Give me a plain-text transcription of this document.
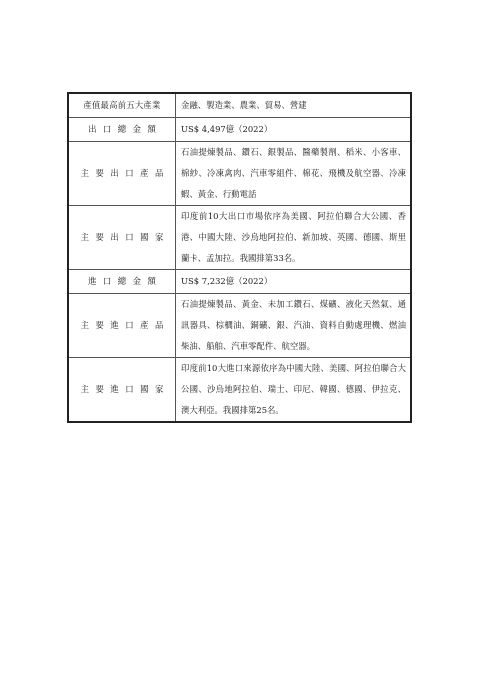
產值最高前五大產業	金融、製造業、農業、貿易、營建
出口總金額	US$ 4,497億（2022）
主要出口產品	石油提煉製品、鑽石、銀製品、醫藥製劑、稻米、小客車、棉紗、冷凍禽肉、汽車零組件、棉花、飛機及航空器、冷凍蝦、黃金、行動電話
主要出口國家	印度前10大出口市場依序為美國、阿拉伯聯合大公國、香港、中國大陸、沙烏地阿拉伯、新加坡、英國、德國、斯里蘭卡、孟加拉。我國排第33名。
進口總金額	US$ 7,232億（2022）
主要進口產品	石油提煉製品、黃金、未加工鑽石、煤礦、液化天然氣、通訊器具、棕櫚油、銅礦、銀、汽油、資料自動處理機、燃油柴油、船舶、汽車零配件、航空器。
主要進口國家	印度前10大進口來源依序為中國大陸、美國、阿拉伯聯合大公國、沙烏地阿拉伯、瑞士、印尼、韓國、德國、伊拉克、澳大利亞。我國排第25名。
